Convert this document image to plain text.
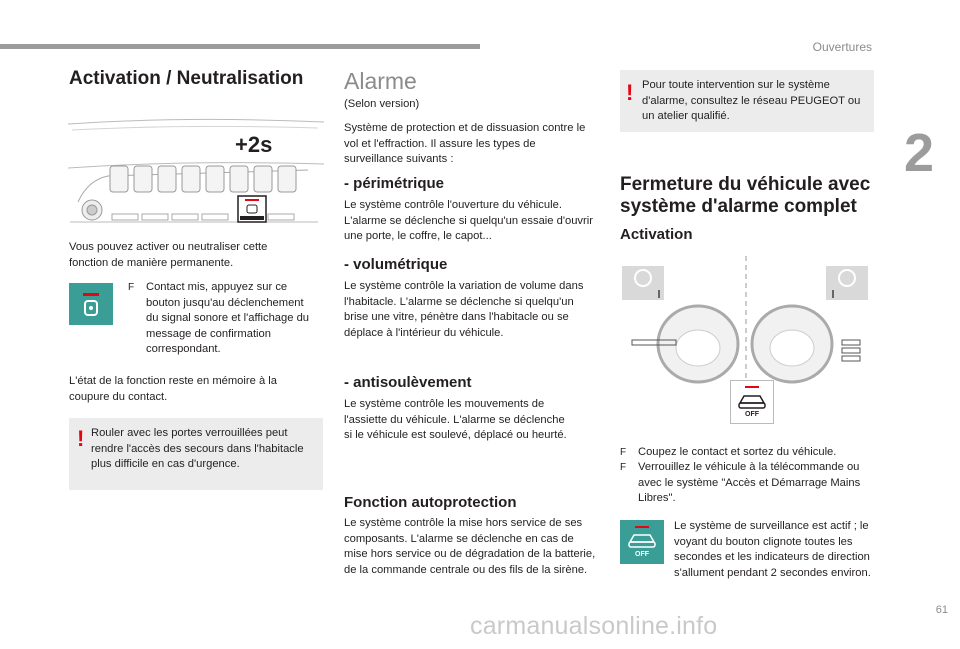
Ouvertures
2
Activation / Neutralisation
+2s
Vous pouvez activer ou neutraliser cette fonction de manière permanente.
F	Contact mis, appuyez sur ce bouton jusqu'au déclenchement du signal sonore et l'affichage du message de confirmation correspondant.
L'état de la fonction reste en mémoire à la coupure du contact.
! Rouler avec les portes verrouillées peut rendre l'accès des secours dans l'habitacle plus difficile en cas d'urgence.
Alarme
(Selon version)
Système de protection et de dissuasion contre le vol et l'effraction. Il assure les types de surveillance suivants :
- périmétrique
Le système contrôle l'ouverture du véhicule. L'alarme se déclenche si quelqu'un essaie d'ouvrir une porte, le coffre, le capot...
- volumétrique
Le système contrôle la variation de volume dans l'habitacle. L'alarme se déclenche si quelqu'un brise une vitre, pénètre dans l'habitacle ou se déplace à l'intérieur du véhicule.
- antisoulèvement
Le système contrôle les mouvements de l'assiette du véhicule. L'alarme se déclenche si le véhicule est soulevé, déplacé ou heurté.
Fonction autoprotection
Le système contrôle la mise hors service de ses composants. L'alarme se déclenche en cas de mise hors service ou de dégradation de la batterie, de la commande centrale ou des fils de la sirène.
! Pour toute intervention sur le système d'alarme, consultez le réseau PEUGEOT ou un atelier qualifié.
Fermeture du véhicule avec
système d'alarme complet
Activation
OFF
F	Coupez le contact et sortez du véhicule.
F	Verrouillez le véhicule à la télécommande ou avec le système "Accès et Démarrage Mains Libres".
OFF
Le système de surveillance est actif ; le voyant du bouton clignote toutes les secondes et les indicateurs de direction s'allument pendant 2 secondes environ.
61
carmanualsonline.info
